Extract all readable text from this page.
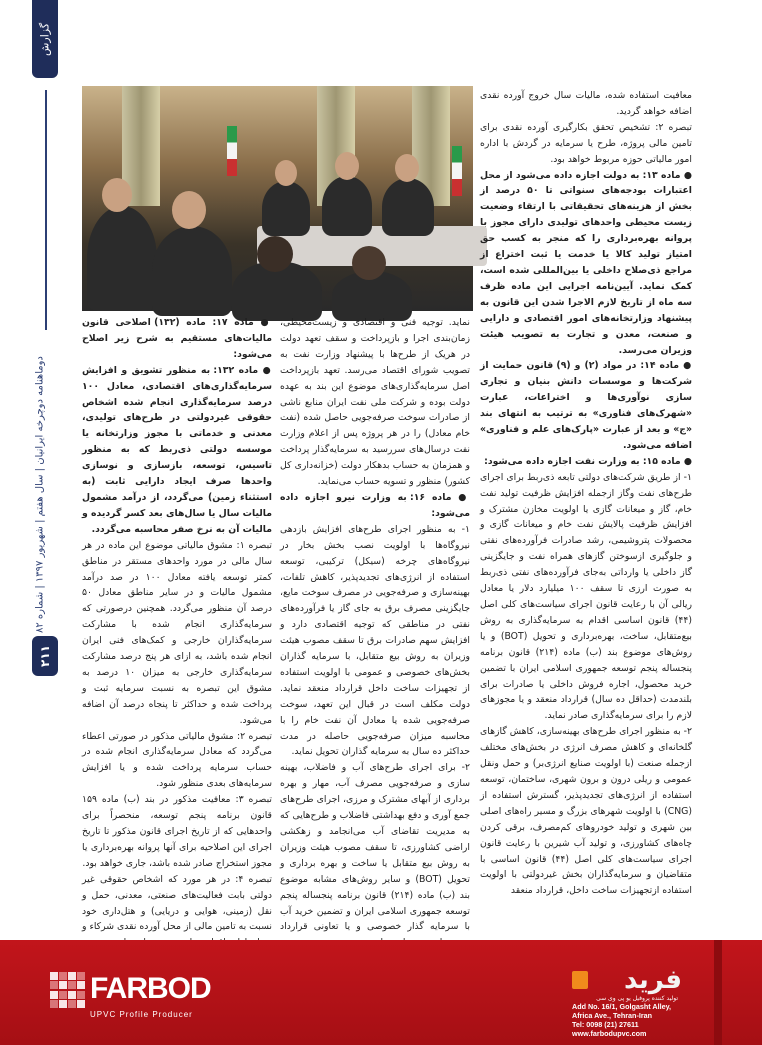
گزارش
دوماهنامه دوچرخه ایرانیان | سال هفتم | شهریور ۱۳۹۷ | شماره ۸۲
۲۱۱

معافیت استفاده شده، مالیات سال خروج آورده نقدی اضافه خواهد گردید.

تبصره ۲: تشخیص تحقق بکارگیری آورده نقدی برای تامین مالی پروژه، طرح یا سرمایه در گردش با اداره امور مالیاتی حوزه مربوط خواهد بود.

● ماده ۱۳: به دولت اجازه داده می‌شود از محل اعتبارات بودجه‌های سنواتی تا ۵۰ درصد از بخش از هزینه‌های تحقیقاتی با ارتقاء وضعیت زیست محیطی واحدهای تولیدی دارای مجوز با پروانه بهره‌برداری را که منجر به کسب حق امتیاز تولید کالا یا خدمت یا ثبت اختراع از مراجع ذی‌صلاح داخلی یا بین‌المللی شده است، کمک نماید. آیین‌نامه اجرایی این ماده ظرف سه ماه از تاریخ لازم الاجرا شدن این قانون به پیشنهاد وزارتخانه‌های امور اقتصادی و دارایی و صنعت، معدن و تجارت به تصویب هیئت وزیران می‌رسد.

● ماده ۱۴: در مواد (۲) و (۹) قانون حمایت از شرکت‌ها و موسسات دانش بنیان و تجاری سازی نوآوری‌ها و اختراعات، عبارت «شهرک‌های فناوری» به ترتیب به انتهای بند «ج» و بعد از عبارت «پارک‌های علم و فناوری» اضافه می‌شود.

● ماده ۱۵: به وزارت نفت اجازه داده می‌شود:

۱- از طریق شرکت‌های دولتی تابعه ذی‌ربط برای اجرای طرح‌های نفت وگاز ازجمله افزایش ظرفیت تولید نفت خام، گاز و میعانات گازی یا اولویت مخازن مشترک و افزایش ظرفیت پالایش نفت خام و میعانات گازی و محصولات پتروشیمی، رشد صادرات فرآورده‌های نفتی و جلوگیری ازسوختن گازهای همراه نفت و جایگزینی گاز داخلی یا وارداتی به‌جای فرآورده‌های نفتی ذی‌ربط به صورت ارزی تا سقف ۱۰۰ میلیارد دلار یا معادل ریالی آن با رعایت قانون اجرای سیاست‌های کلی اصل (۴۴) قانون اساسی اقدام به سرمایه‌گذاری به روش بیع‌متقابل، ساخت، بهره‌برداری و تحویل (BOT) و یا روش‌های موضوع بند (ب) ماده (۲۱۴) قانون برنامه پنجساله پنجم توسعه جمهوری اسلامی ایران با تضمین خرید محصول، اجاره فروش داخلی یا صادرات برای بلندمدت (حداقل ده سال) قرارداد منعقد و یا مجوزهای لازم را برای سرمایه‌گذاری صادر نماید.

۲- به منظور اجرای طرح‌های بهینه‌سازی، کاهش گازهای گلخانه‌ای و کاهش مصرف انرژی در بخش‌های مختلف ازجمله صنعت (با اولویت صنایع انرژی‌بر) و حمل ونقل عمومی و ریلی درون و برون شهری، ساختمان، توسعه استفاده از انرژی‌های تجدیدپذیر، گسترش استفاده از (CNG) با اولویت شهرهای بزرگ و مسیر راه‌های اصلی بین شهری و تولید خودروهای کم‌مصرف، برقی کردن چاه‌های کشاورزی، و تولید آب شیرین با رعایت قانون اجرای سیاست‌های کلی اصل (۴۴) قانون اساسی با متقاضیان و سرمایه‌گذاران بخش غیردولتی با اولویت استفاده ازتجهیزات ساخت داخل، قرارداد منعقد

نماید. توجیه فنی و اقتصادی و زیست‌محیطی، زمان‌بندی اجرا و بازپرداخت و سقف تعهد دولت در هریک از طرح‌ها با پیشنهاد وزارت نفت به تصویب شورای اقتصاد می‌رسد. تعهد بازپرداخت اصل سرمایه‌گذاری‌های موضوع این بند به عهده دولت بوده و شرکت ملی نفت ایران منابع ناشی از صادرات سوخت صرفه‌جویی حاصل شده (نفت خام معادل) را در هر پروژه پس از اعلام وزارت نفت درسال‌های سررسید به سرمایه‌گذار پرداخت و همزمان به حساب بدهکار دولت (خزانه‌داری کل کشور) منظور و تسویه حساب می‌نماید.

● ماده ۱۶: به وزارت نیرو اجازه داده می‌شود:

۱- به منظور اجرای طرح‌های افزایش بازدهی نیروگاه‌ها با اولویت نصب بخش بخار در نیروگاه‌های چرخه (سیکل) ترکیبی، توسعه استفاده از انرژی‌های تجدیدپذیر، کاهش تلفات، بهینه‌سازی و صرفه‌جویی در مصرف سوخت مایع، جایگزینی مصرف برق به جای گاز یا فرآورده‌های نفتی در مناطقی که توجیه اقتصادی دارد و افزایش سهم صادرات برق تا سقف مصوب هیئت وزیران به روش بیع متقابل، با سرمایه گذاران بخش‌های خصوصی و عمومی با اولویت استفاده از تجهیزات ساخت داخل قرارداد منعقد نماید. دولت مکلف است در قبال این تعهد، سوخت صرفه‌جویی شده یا معادل آن نفت خام را با محاسبه میزان صرفه‌جویی حاصله در مدت حداکثر ده سال به سرمایه گذاران تحویل نماید.

۲- برای اجرای طرح‌های آب و فاضلاب، بهینه سازی و صرفه‌جویی مصرف آب، مهار و بهره برداری از آبهای مشترک و مرزی، اجرای طرح‌های جمع آوری و دفع بهداشتی فاضلاب و طرح‌هایی که به مدیریت تقاضای آب می‌انجامد و زهکشی اراضی کشاورزی، تا سقف مصوب هیئت وزیران به روش بیع متقابل یا ساخت و بهره برداری و تحویل (BOT) و سایر روش‌های مشابه موضوع بند (ب) ماده (۲۱۴) قانون برنامه پنجساله پنجم توسعه جمهوری اسلامی ایران و تضمین خرید آب با سرمایه گذار خصوصی و یا تعاونی قرارداد

● ماده ۱۷: ماده (۱۳۲) اصلاحی قانون مالیات‌های مستقیم به شرح زیر اصلاح می‌شود:

● ماده ۱۳۲: به منظور تشویق و افزایش سرمایه‌گذاری‌های اقتصادی، معادل ۱۰۰ درصد سرمایه‌گذاری انجام شده اشخاص حقوقی غیردولتی در طرح‌های تولیدی، معدنی و خدماتی با مجوز وزارتخانه یا موسسه دولتی ذی‌ربط که به منظور تاسیس، توسعه، بازسازی و نوسازی واحدها صرف ایجاد دارایی ثابت (به استثناء زمین) می‌گردد، از درآمد مشمول مالیات سال یا سال‌های بعد کسر گردیده و مالیات آن به نرخ صفر محاسبه می‌گردد.

تبصره ۱: مشوق مالیاتی موضوع این ماده در هر سال مالی در مورد واحدهای مستقر در مناطق کمتر توسعه یافته معادل ۱۰۰ در صد درآمد مشمول مالیات و در سایر مناطق معادل ۵۰ درصد آن منظور می‌گردد. همچنین درصورتی که سرمایه‌گذاری انجام شده با مشارکت سرمایه‌گذاران خارجی و کمک‌های فنی ایران انجام شده باشد، به ازای هر پنج درصد مشارکت سرمایه‌گذاری خارجی به میزان ۱۰ درصد به مشوق این تبصره به نسبت سرمایه ثبت و پرداخت شده و حداکثر تا پنجاه درصد آن اضافه می‌شود.

تبصره ۲: مشوق مالیاتی مذکور در صورتی اعطاء می‌گردد که معادل سرمایه‌گذاری انجام شده در حساب سرمایه پرداخت شده و یا افزایش سرمایه‌های بعدی منظور شود.

تبصره ۳: معافیت مذکور در بند (ب) ماده ۱۵۹ قانون برنامه پنجم توسعه، منحصراً برای واحدهایی که از تاریخ اجرای قانون مذکور تا تاریخ اجرای این اصلاحیه برای آنها پروانه بهره‌برداری یا مجوز استخراج صادر شده باشد، جاری خواهد بود.

تبصره ۴: در هر مورد که اشخاص حقوقی غیر دولتی بابت فعالیت‌های صنعتی، معدنی، حمل و نقل (زمینی، هوایی و دریایی) و هتل‌داری خود نسبت به تامین مالی از محل آورده نقدی شرکاء و

FARBOD
UPVC Profile Producer
فرید
تولید کننده پروفیل یو پی وی سی
Add No. 16/1, Golgasht Alley,
Africa Ave., Tehran-Iran
Tel: 0098 (21) 27611
www.farbodupvc.com
